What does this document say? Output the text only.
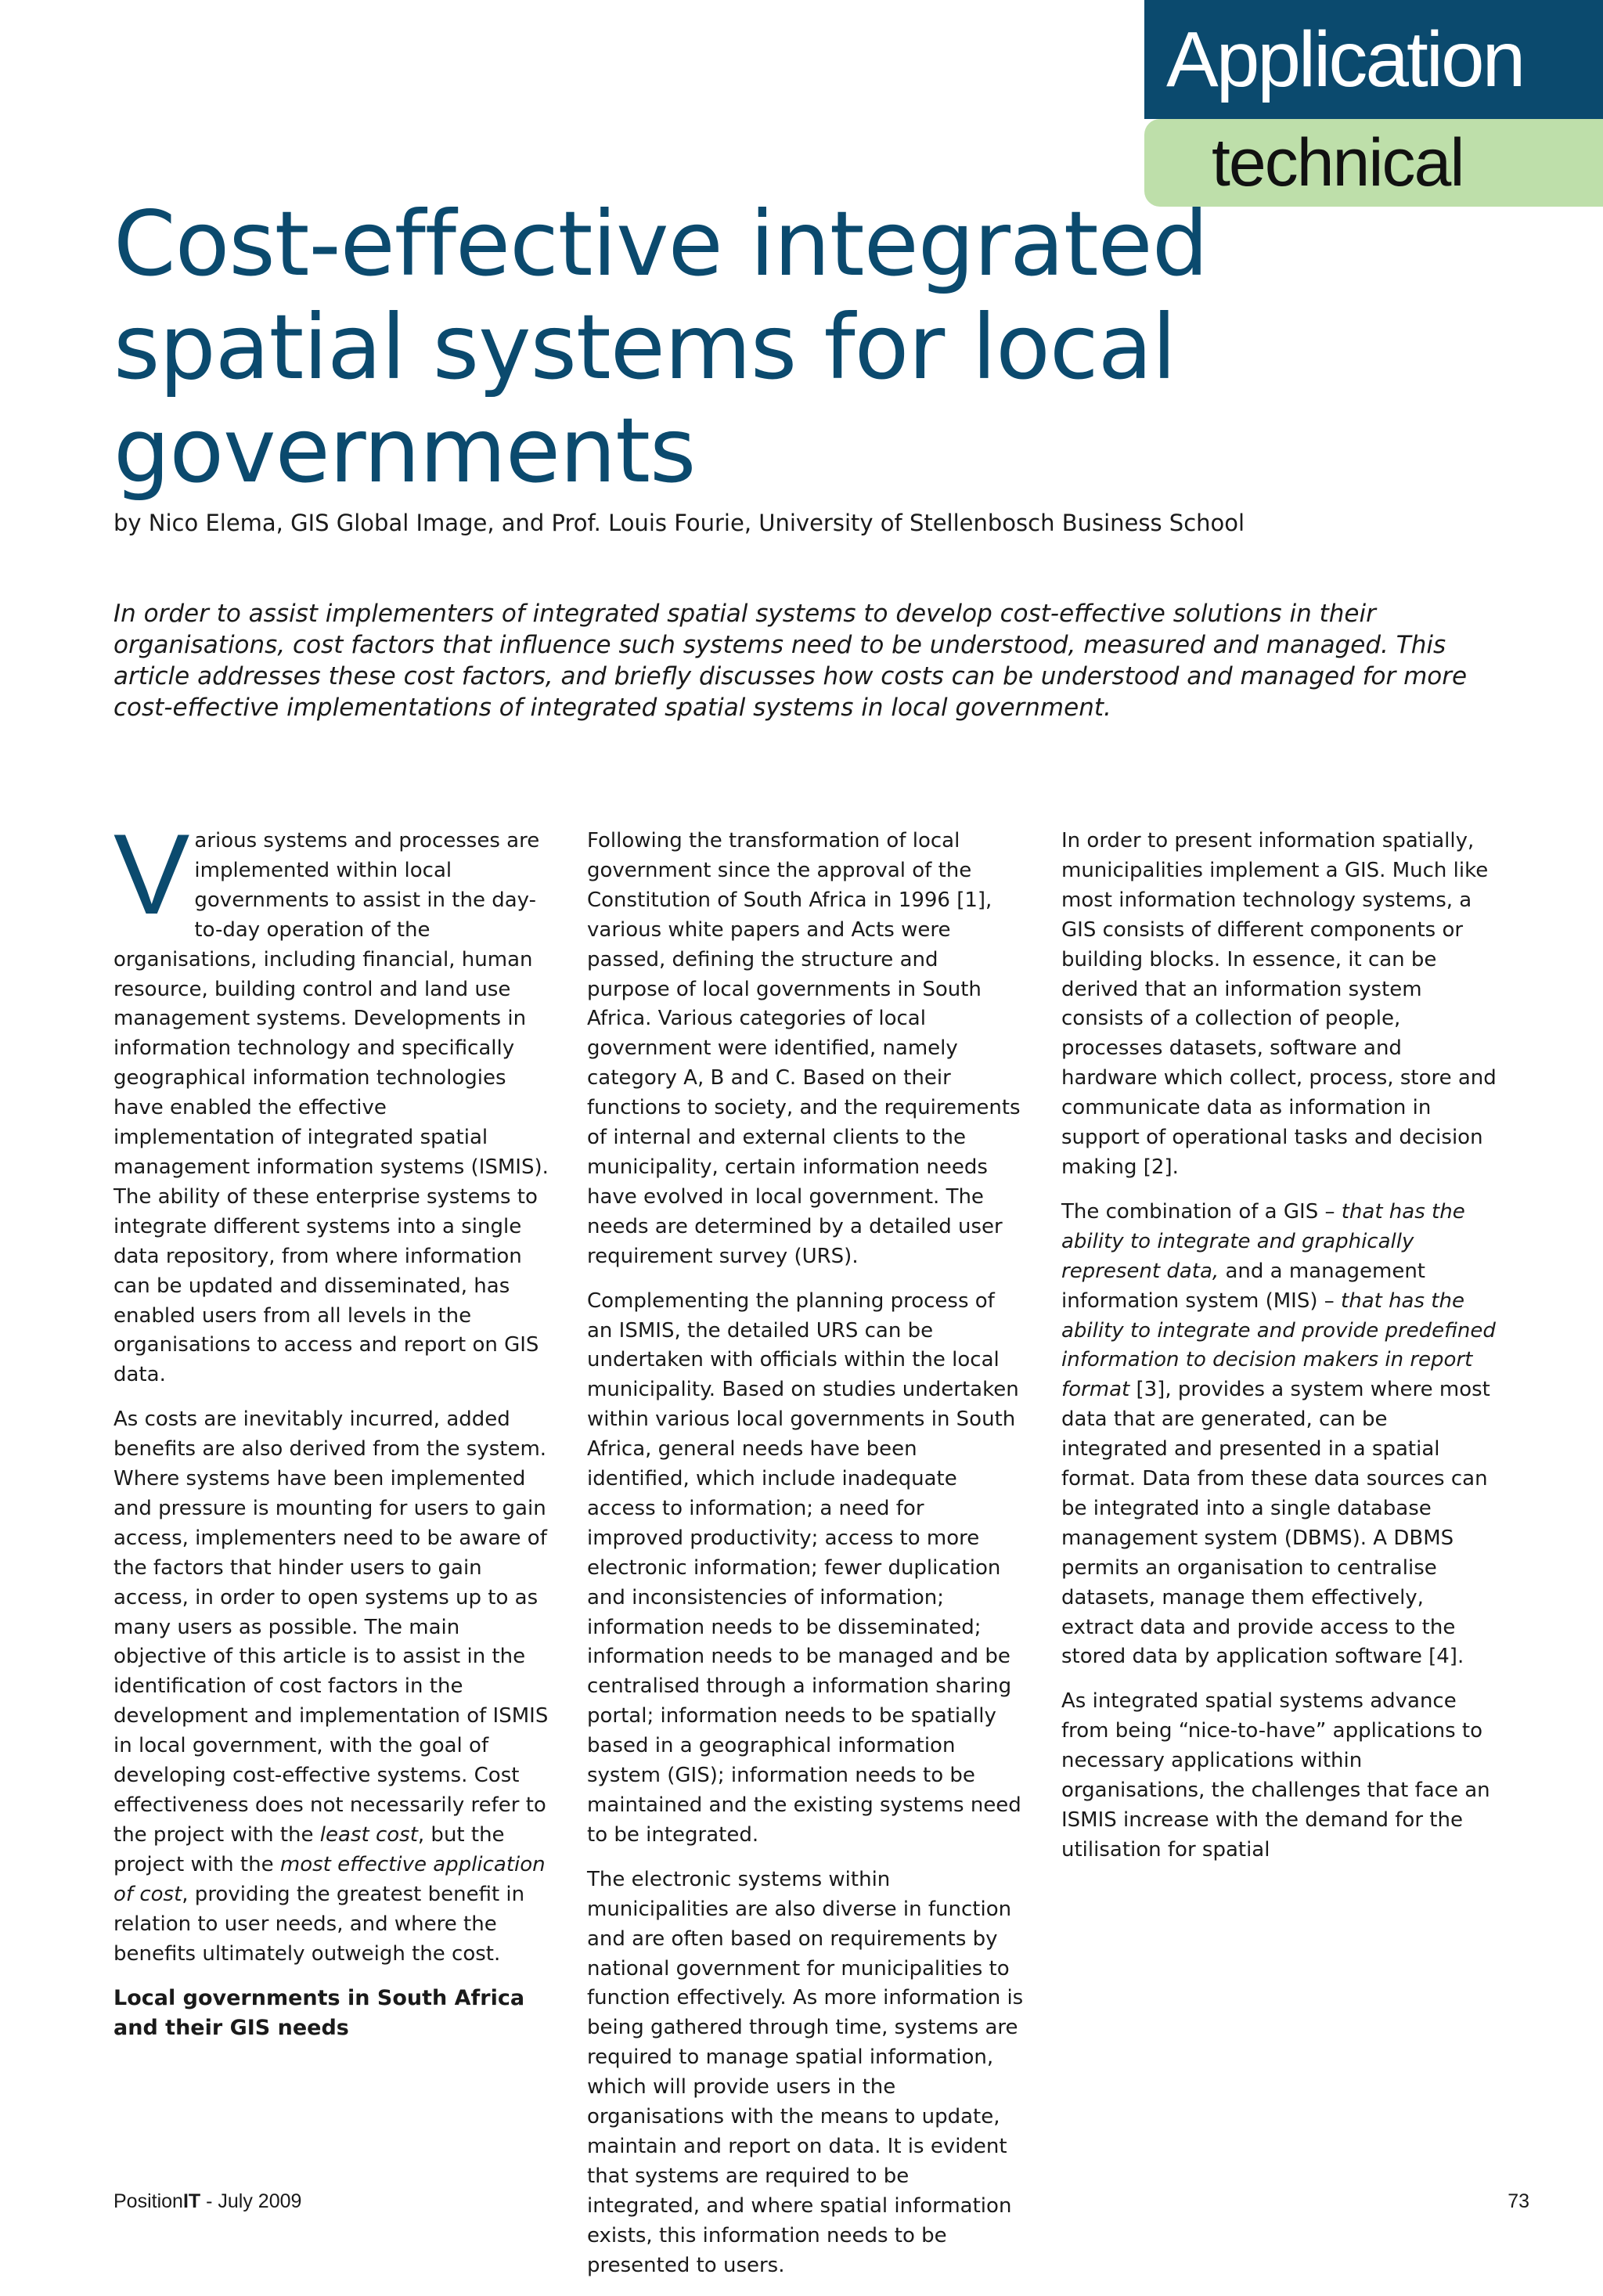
Application
technical
Cost-effective integrated spatial systems for local governments
by Nico Elema, GIS Global Image, and Prof. Louis Fourie, University of Stellenbosch Business School
In order to assist implementers of integrated spatial systems to develop cost-effective solutions in their organisations, cost factors that influence such systems need to be understood, measured and managed. This article addresses these cost factors, and briefly discusses how costs can be understood and managed for more cost-effective implementations of integrated spatial systems in local government.

Various systems and processes are implemented within local governments to assist in the day-to-day operation of the organisations, including financial, human resource, building control and land use management systems. Developments in information technology and specifically geographical information technologies have enabled the effective implementation of integrated spatial management information systems (ISMIS). The ability of these enterprise systems to integrate different systems into a single data repository, from where information can be updated and disseminated, has enabled users from all levels in the organisations to access and report on GIS data.

As costs are inevitably incurred, added benefits are also derived from the system. Where systems have been implemented and pressure is mounting for users to gain access, implementers need to be aware of the factors that hinder users to gain access, in order to open systems up to as many users as possible. The main objective of this article is to assist in the identification of cost factors in the development and implementation of ISMIS in local government, with the goal of developing cost-effective systems. Cost effectiveness does not necessarily refer to the project with the least cost, but the project with the most effective application of cost, providing the greatest benefit in relation to user needs, and where the benefits ultimately outweigh the cost.

Local governments in South Africa and their GIS needs

In order to present information spatially, municipalities implement a GIS. Much like most information technology systems, a GIS consists of different components or building blocks. In essence, it can be derived that an information system consists of a collection of people, processes datasets, software and hardware which collect, process, store and communicate data as information in support of operational tasks and decision making [2].

The combination of a GIS – that has the ability to integrate and graphically represent data, and a management information system (MIS) – that has the ability to integrate and provide predefined information to decision makers in report format [3], provides a system where most data that are generated, can be integrated and presented in a spatial format. Data from these data sources can be integrated into a single database management system (DBMS). A DBMS permits an organisation to centralise datasets, manage them effectively, extract data and provide access to the stored data by application software [4].

As integrated spatial systems advance from being “nice-to-have” applications to necessary applications within organisations, the challenges that face an ISMIS increase with the demand for the utilisation for spatial

Following the transformation of local government since the approval of the Constitution of South Africa in 1996 [1], various white papers and Acts were passed, defining the structure and purpose of local governments in South Africa. Various categories of local government were identified, namely category A, B and C. Based on their functions to society, and the requirements of internal and external clients to the municipality, certain information needs have evolved in local government. The needs are determined by a detailed user requirement survey (URS).

Complementing the planning process of an ISMIS, the detailed URS can be undertaken with officials within the local municipality. Based on studies undertaken within various local governments in South Africa, general needs have been identified, which include inadequate access to information; a need for improved productivity; access to more electronic information; fewer duplication and inconsistencies of information; information needs to be disseminated; information needs to be managed and be centralised through a information sharing portal; information needs to be spatially based in a geographical information system (GIS); information needs to be maintained and the existing systems need to be integrated.

The electronic systems within municipalities are also diverse in function and are often based on requirements by national government for municipalities to function effectively. As more information is being gathered through time, systems are required to manage spatial information, which will provide users in the organisations with the means to update, maintain and report on data. It is evident that systems are required to be integrated, and where spatial information exists, this information needs to be presented to users.

PositionIT - July 2009	73
